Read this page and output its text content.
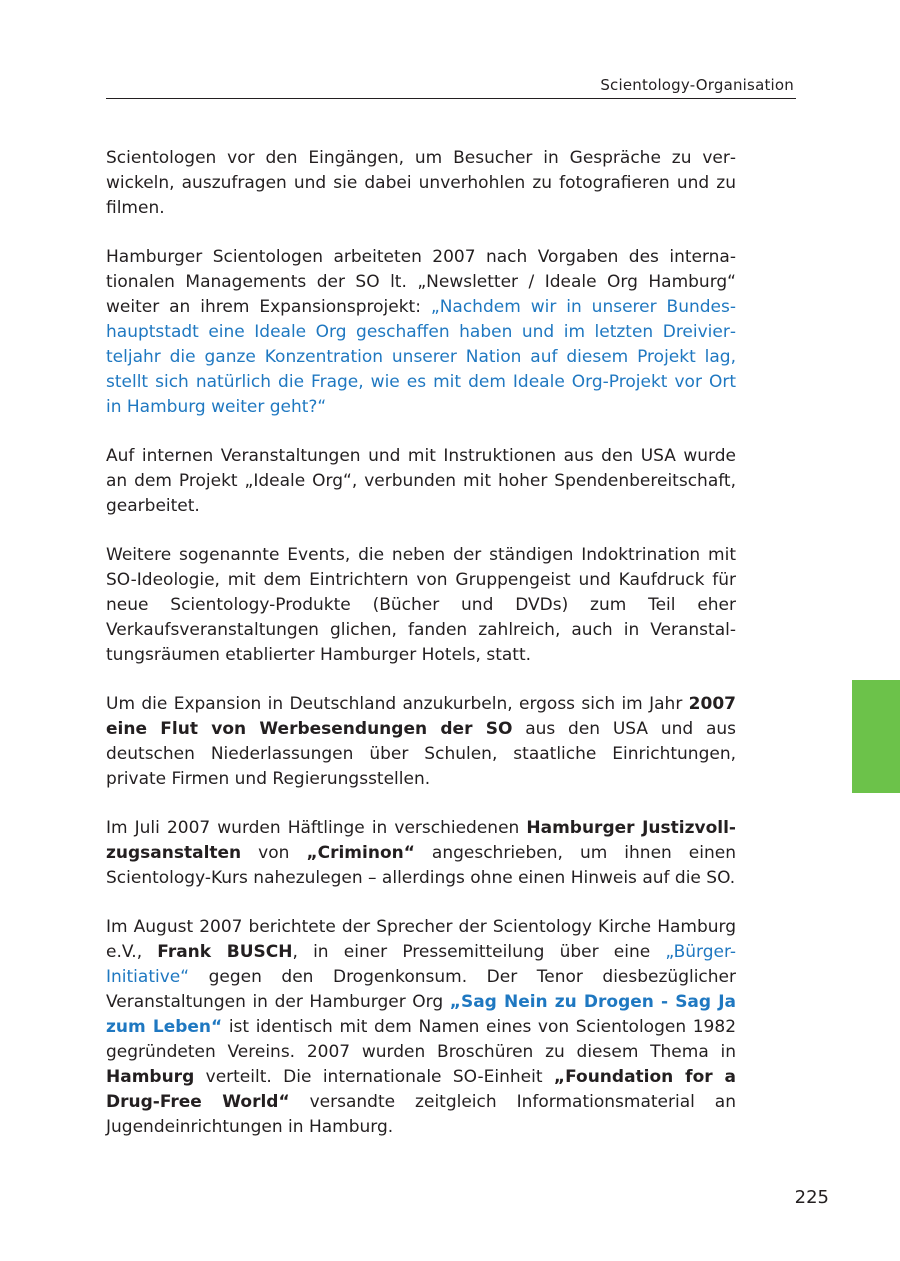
Scientology-Organisation

Scientologen vor den Eingängen, um Besucher in Gespräche zu verwickeln, auszufragen und sie dabei unverhohlen zu fotografieren und zu filmen.

Hamburger Scientologen arbeiteten 2007 nach Vorgaben des internationalen Managements der SO lt. „Newsletter / Ideale Org Hamburg“ weiter an ihrem Expansionsprojekt: „Nachdem wir in unserer Bundeshauptstadt eine Ideale Org geschaffen haben und im letzten Dreivierteljahr die ganze Konzentration unserer Nation auf diesem Projekt lag, stellt sich natürlich die Frage, wie es mit dem Ideale Org-Projekt vor Ort in Hamburg weiter geht?“

Auf internen Veranstaltungen und mit Instruktionen aus den USA wurde an dem Projekt „Ideale Org“, verbunden mit hoher Spendenbereitschaft, gearbeitet.

Weitere sogenannte Events, die neben der ständigen Indoktrination mit SO-Ideologie, mit dem Eintrichtern von Gruppengeist und Kaufdruck für neue Scientology-Produkte (Bücher und DVDs) zum Teil eher Verkaufsveranstaltungen glichen, fanden zahlreich, auch in Veranstaltungsräumen etablierter Hamburger Hotels, statt.

Um die Expansion in Deutschland anzukurbeln, ergoss sich im Jahr 2007 eine Flut von Werbesendungen der SO aus den USA und aus deutschen Niederlassungen über Schulen, staatliche Einrichtungen, private Firmen und Regierungsstellen.

Im Juli 2007 wurden Häftlinge in verschiedenen Hamburger Justizvollzugsanstalten von „Criminon“ angeschrieben, um ihnen einen Scientology-Kurs nahezulegen – allerdings ohne einen Hinweis auf die SO.

Im August 2007 berichtete der Sprecher der Scientology Kirche Hamburg e.V., Frank BUSCH, in einer Pressemitteilung über eine „Bürger-Initiative“ gegen den Drogenkonsum. Der Tenor diesbezüglicher Veranstaltungen in der Hamburger Org „Sag Nein zu Drogen - Sag Ja zum Leben“ ist identisch mit dem Namen eines von Scientologen 1982 gegründeten Vereins. 2007 wurden Broschüren zu diesem Thema in Hamburg verteilt. Die internationale SO-Einheit „Foundation for a Drug-Free World“ versandte zeitgleich Informationsmaterial an Jugendeinrichtungen in Hamburg.

225
